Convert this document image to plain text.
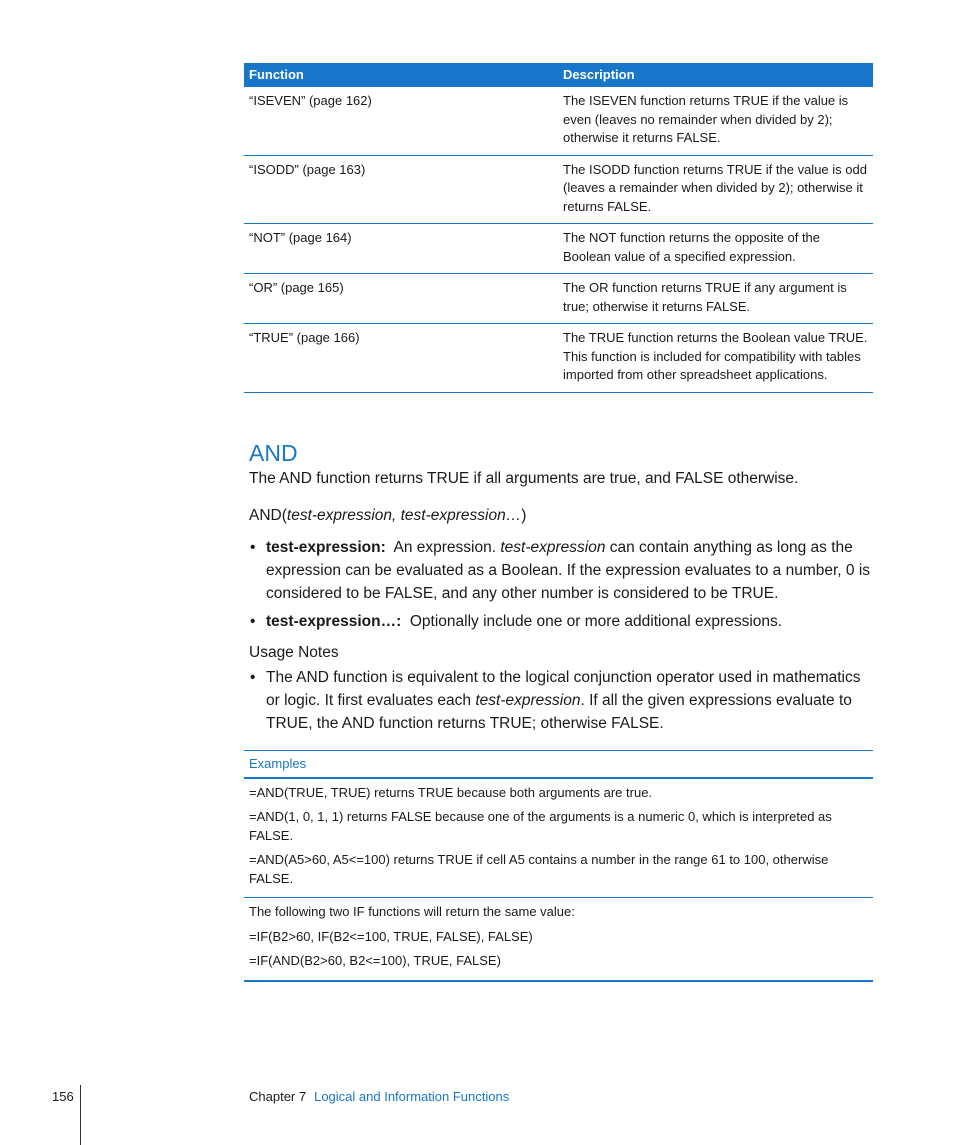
Function	Description
“ISEVEN” (page 162)	The ISEVEN function returns TRUE if the value is even (leaves no remainder when divided by 2); otherwise it returns FALSE.
“ISODD” (page 163)	The ISODD function returns TRUE if the value is odd (leaves a remainder when divided by 2); otherwise it returns FALSE.
“NOT” (page 164)	The NOT function returns the opposite of the Boolean value of a specified expression.
“OR” (page 165)	The OR function returns TRUE if any argument is true; otherwise it returns FALSE.
“TRUE” (page 166)	The TRUE function returns the Boolean value TRUE. This function is included for compatibility with tables imported from other spreadsheet applications.
AND

The AND function returns TRUE if all arguments are true, and FALSE otherwise.

AND(test-expression, test-expression…)

• test-expression: An expression. test-expression can contain anything as long as the expression can be evaluated as a Boolean. If the expression evaluates to a number, 0 is considered to be FALSE, and any other number is considered to be TRUE.
• test-expression…: Optionally include one or more additional expressions.
Usage Notes
• The AND function is equivalent to the logical conjunction operator used in mathematics or logic. It first evaluates each test-expression. If all the given expressions evaluate to TRUE, the AND function returns TRUE; otherwise FALSE.
Examples
=AND(TRUE, TRUE) returns TRUE because both arguments are true.
=AND(1, 0, 1, 1) returns FALSE because one of the arguments is a numeric 0, which is interpreted as FALSE.
=AND(A5>60, A5<=100) returns TRUE if cell A5 contains a number in the range 61 to 100, otherwise FALSE.
The following two IF functions will return the same value:
=IF(B2>60, IF(B2<=100, TRUE, FALSE), FALSE)
=IF(AND(B2>60, B2<=100), TRUE, FALSE)
156	Chapter 7 Logical and Information Functions
